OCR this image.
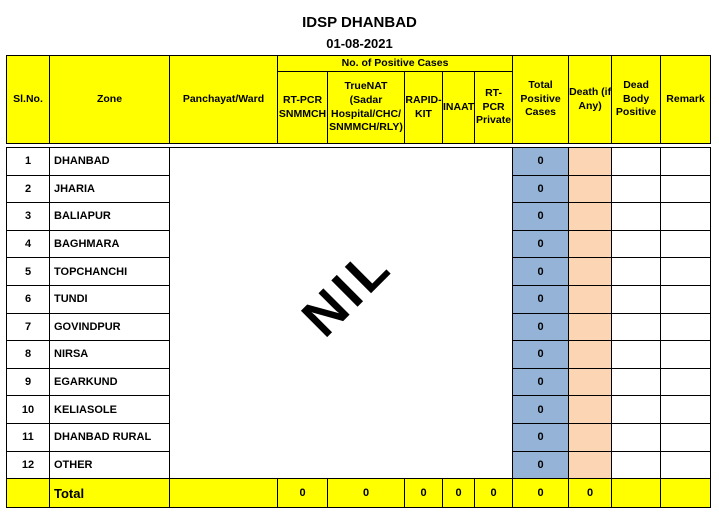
IDSP DHANBAD
01-08-2021
Sl.No.	Zone	Panchayat/Ward	No. of Positive Cases					Total Positive Cases	Death (if Any)	Dead Body Positive	Remark
			RT-PCR SNMMCH	TrueNAT (Sadar Hospital/CHC/ SNMMCH/RLY)	RAPID-KIT	INAAT	RT-PCR Private				

1	DHANBAD							0			
2	JHARIA							0			
3	BALIAPUR							0			
4	BAGHMARA							0			
5	TOPCHANCHI							0			
6	TUNDI							0			
7	GOVINDPUR							0			
8	NIRSA							0			
9	EGARKUND							0			
10	KELIASOLE							0			
11	DHANBAD RURAL							0			
12	OTHER							0			
	Total		0	0	0	0	0	0	0		
NIL
